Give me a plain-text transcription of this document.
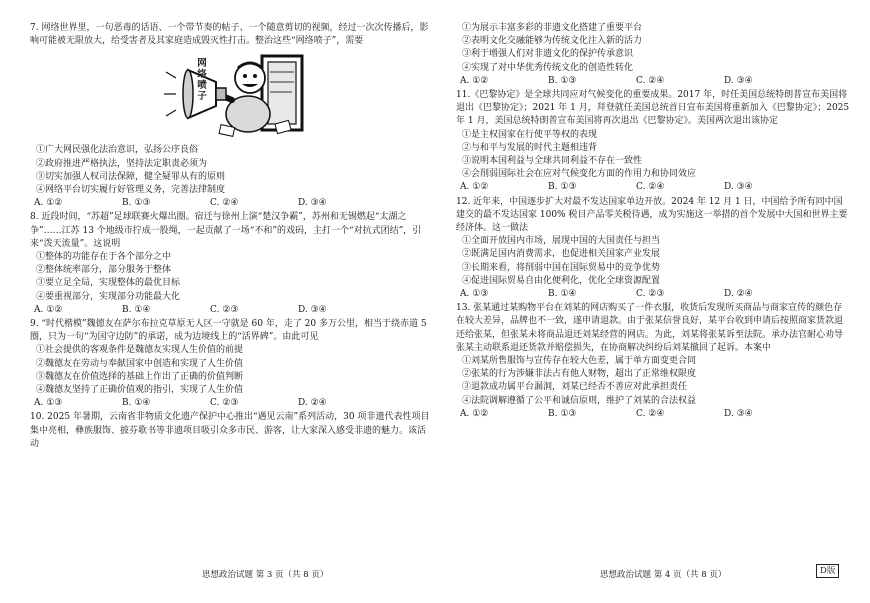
7. 网络世界里，一句恶毒的话语、一个带节奏的帖子、一个随意剪切的视频，经过一次次传播后，影响可能被无限放大，给受害者及其家庭造成毁灭性打击。整治这些“网络喷子”，需要
网
络
喷
子
①广大网民强化法治意识，弘扬公序良俗
②政府推进严格执法，坚持法定职责必须为
③切实加强人权司法保障，健全疑罪从有的原则
④网络平台切实履行好管理义务，完善法律制度
A. ①②	B. ①③	C. ②④	D. ③④
8. 近段时间，“苏超”足球联赛火爆出圈。宿迁与徐州上演“楚汉争霸”，苏州和无锡燃起“太湖之争”……江苏 13 个地级市拧成一股绳，一起贡献了一场“不和”的戏码，主打一个“对抗式团结”，引来“泼天流量”。这说明
①整体的功能存在于各个部分之中
②整体统率部分，部分服务于整体
③要立足全局，实现整体的最优目标
④要重视部分，实现部分功能最大化
A. ①②	B. ①④	C. ②③	D. ③④
9. “时代楷模”魏德友在萨尔布拉克草原无人区一守就是 60 年，走了 20 多万公里，相当于绕赤道 5 圈，只为一句“为国守边防”的承诺，成为边境线上的“活界碑”。由此可见
①社会提供的客观条件是魏德友实现人生价值的前提
②魏德友在劳动与奉献国家中创造和实现了人生价值
③魏德友在价值选择的基础上作出了正确的价值判断
④魏德友坚持了正确价值观的指引，实现了人生价值
A. ①③	B. ①④	C. ②③	D. ②④
10. 2025 年暑期，云南省非物质文化遗产保护中心推出“遇见云南”系列活动，30 项非遗代表性项目集中亮相，彝族服饰、披芬歌书等非遗项目吸引众多市民、游客，让大家深入感受非遗的魅力。该活动
思想政治试题 第 3 页（共 8 页）
①为展示丰富多彩的非遗文化搭建了重要平台
②表明文化交融能够为传统文化注入新的活力
③利于增强人们对非遗文化的保护传承意识
④实现了对中华优秀传统文化的创造性转化
A. ①②	B. ①③	C. ②④	D. ③④
11.《巴黎协定》是全球共同应对气候变化的重要成果。2017 年，时任美国总统特朗普宣布美国将退出《巴黎协定》；2021 年 1 月，拜登就任美国总统首日宣布美国将重新加入《巴黎协定》；2025 年 1 月，美国总统特朗普宣布美国将再次退出《巴黎协定》。美国两次退出该协定
①是主权国家在行使平等权的表现
②与和平与发展的时代主题相违背
③说明本国利益与全球共同利益不存在一致性
④会削弱国际社会在应对气候变化方面的作用力和协同效应
A. ①②	B. ①③	C. ②④	D. ③④
12. 近年来，中国逐步扩大对最不发达国家单边开放。2024 年 12 月 1 日，中国给予所有同中国建交的最不发达国家 100% 税目产品零关税待遇，成为实施这一举措的首个发展中大国和世界主要经济体。这一做法
①全面开放国内市场，展现中国的大国责任与担当
②既满足国内消费需求，也促进相关国家产业发展
③长期来看，将削弱中国在国际贸易中的竞争优势
④促进国际贸易自由化便利化，优化全球资源配置
A. ①③	B. ①④	C. ②③	D. ②④
13. 张某通过某购物平台在刘某的网店购买了一件衣服，收货后发现所买商品与商家宣传的颜色存在较大差异，品牌也不一致，遂申请退款。由于张某信誉良好，某平台收到申请后按照商家货款退还给张某，但张某未将商品退还刘某经营的网店。为此，刘某将张某诉至法院。承办法官耐心劝导张某主动联系退还货款并赔偿损失，在协商解决纠纷后刘某撤回了起诉。本案中
①刘某所售服饰与宣传存在较大色差，属于单方面变更合同
②张某的行为涉嫌非法占有他人财物，超出了正常维权限度
③退款成功属平台漏洞，刘某已经否不善应对此承担责任
④法院调解遵循了公平和诚信原则，维护了刘某的合法权益
A. ①②	B. ①③	C. ②④	D. ③④
思想政治试题 第 4 页（共 8 页）	D版
